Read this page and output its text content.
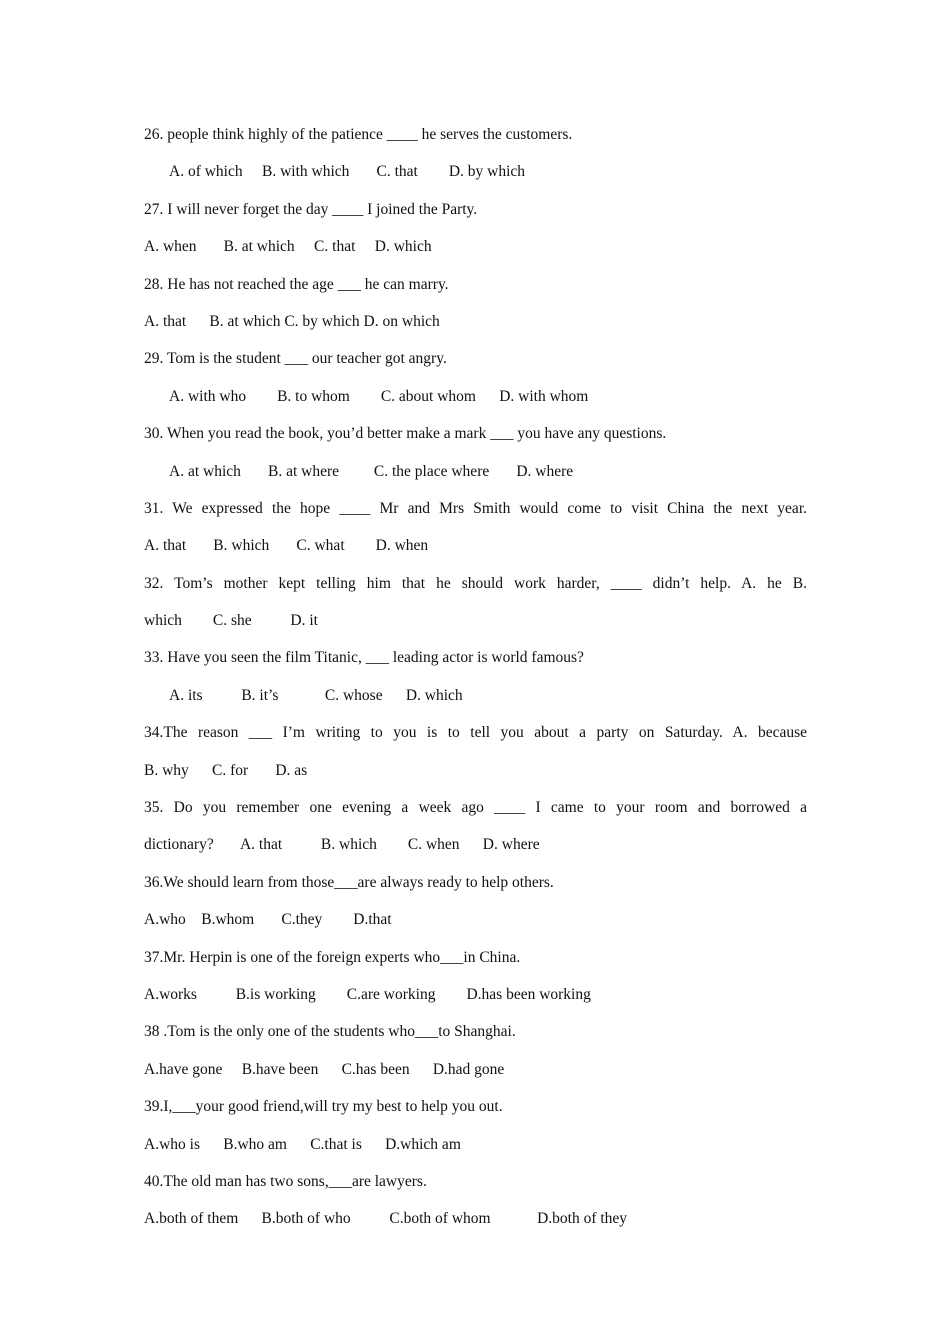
26. people think highly of the patience ____ he serves the customers.
A. of which     B. with which       C. that        D. by which
27. I will never forget the day ____ I joined the Party.
A. when       B. at which     C. that     D. which
28. He has not reached the age ___ he can marry.
A. that      B. at which C. by which D. on which
29. Tom is the student ___ our teacher got angry.
A. with who        B. to whom        C. about whom      D. with whom
30. When you read the book, you’d better make a mark ___ you have any questions.
A. at which       B. at where         C. the place where       D. where
31. We expressed the hope ____ Mr and Mrs Smith would come to visit China the next year.
A. that       B. which       C. what        D. when
32. Tom’s mother kept telling him that he should work harder, ____ didn’t help. A. he B.
which        C. she          D. it
33. Have you seen the film Titanic, ___ leading actor is world famous?
A. its          B. it’s            C. whose      D. which
34.The reason ___ I’m writing to you is to tell you about a party on Saturday. A. because
B. why      C. for       D. as
35. Do you remember one evening a week ago ____ I came to your room and borrowed a
dictionary?       A. that          B. which        C. when      D. where
36.We should learn from those___are always ready to help others.
A.who    B.whom       C.they        D.that
37.Mr. Herpin is one of the foreign experts who___in China.
A.works          B.is working        C.are working        D.has been working
38 .Tom is the only one of the students who___to Shanghai.
A.have gone     B.have been      C.has been      D.had gone
39.I,___your good friend,will try my best to help you out.
A.who is      B.who am      C.that is      D.which am
40.The old man has two sons,___are lawyers.
A.both of them      B.both of who          C.both of whom            D.both of they
